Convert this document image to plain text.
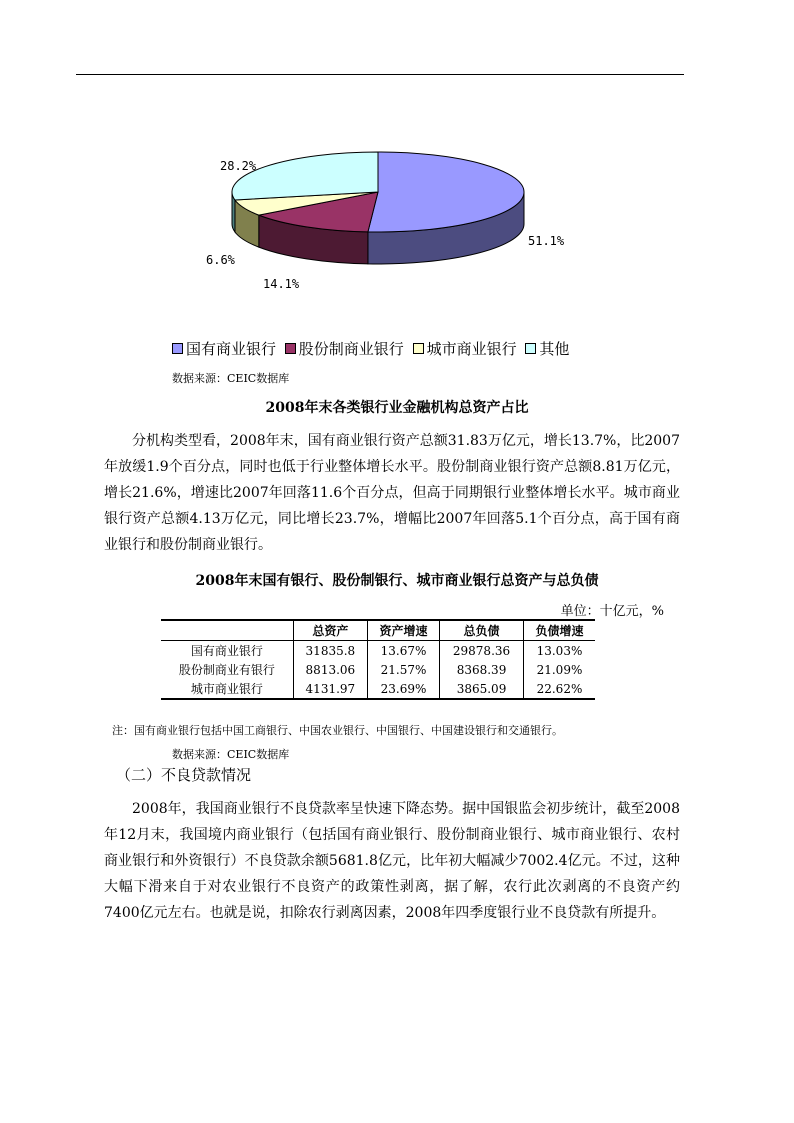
51.1%
14.1%
6.6%
28.2%
国有商业银行
股份制商业银行
城市商业银行
其他
数据来源：CEIC数据库
2008年末各类银行业金融机构总资产占比

分机构类型看，2008年末，国有商业银行资产总额31.83万亿元，增长13.7%，比2007年放缓1.9个百分点，同时也低于行业整体增长水平。股份制商业银行资产总额8.81万亿元，增长21.6%，增速比2007年回落11.6个百分点，但高于同期银行业整体增长水平。城市商业银行资产总额4.13万亿元，同比增长23.7%，增幅比2007年回落5.1个百分点，高于国有商业银行和股份制商业银行。

2008年末国有银行、股份制银行、城市商业银行总资产与总负债
单位：十亿元，%
	总资产	资产增速	总负债	负债增速
国有商业银行	31835.8	13.67%	29878.36	13.03%
股份制商业有银行	8813.06	21.57%	8368.39	21.09%
城市商业银行	4131.97	23.69%	3865.09	22.62%
注：国有商业银行包括中国工商银行、中国农业银行、中国银行、中国建设银行和交通银行。
数据来源：CEIC数据库
（二）不良贷款情况

2008年，我国商业银行不良贷款率呈快速下降态势。据中国银监会初步统计，截至2008年12月末，我国境内商业银行（包括国有商业银行、股份制商业银行、城市商业银行、农村商业银行和外资银行）不良贷款余额5681.8亿元，比年初大幅减少7002.4亿元。不过，这种大幅下滑来自于对农业银行不良资产的政策性剥离，据了解，农行此次剥离的不良资产约7400亿元左右。也就是说，扣除农行剥离因素，2008年四季度银行业不良贷款有所提升。
